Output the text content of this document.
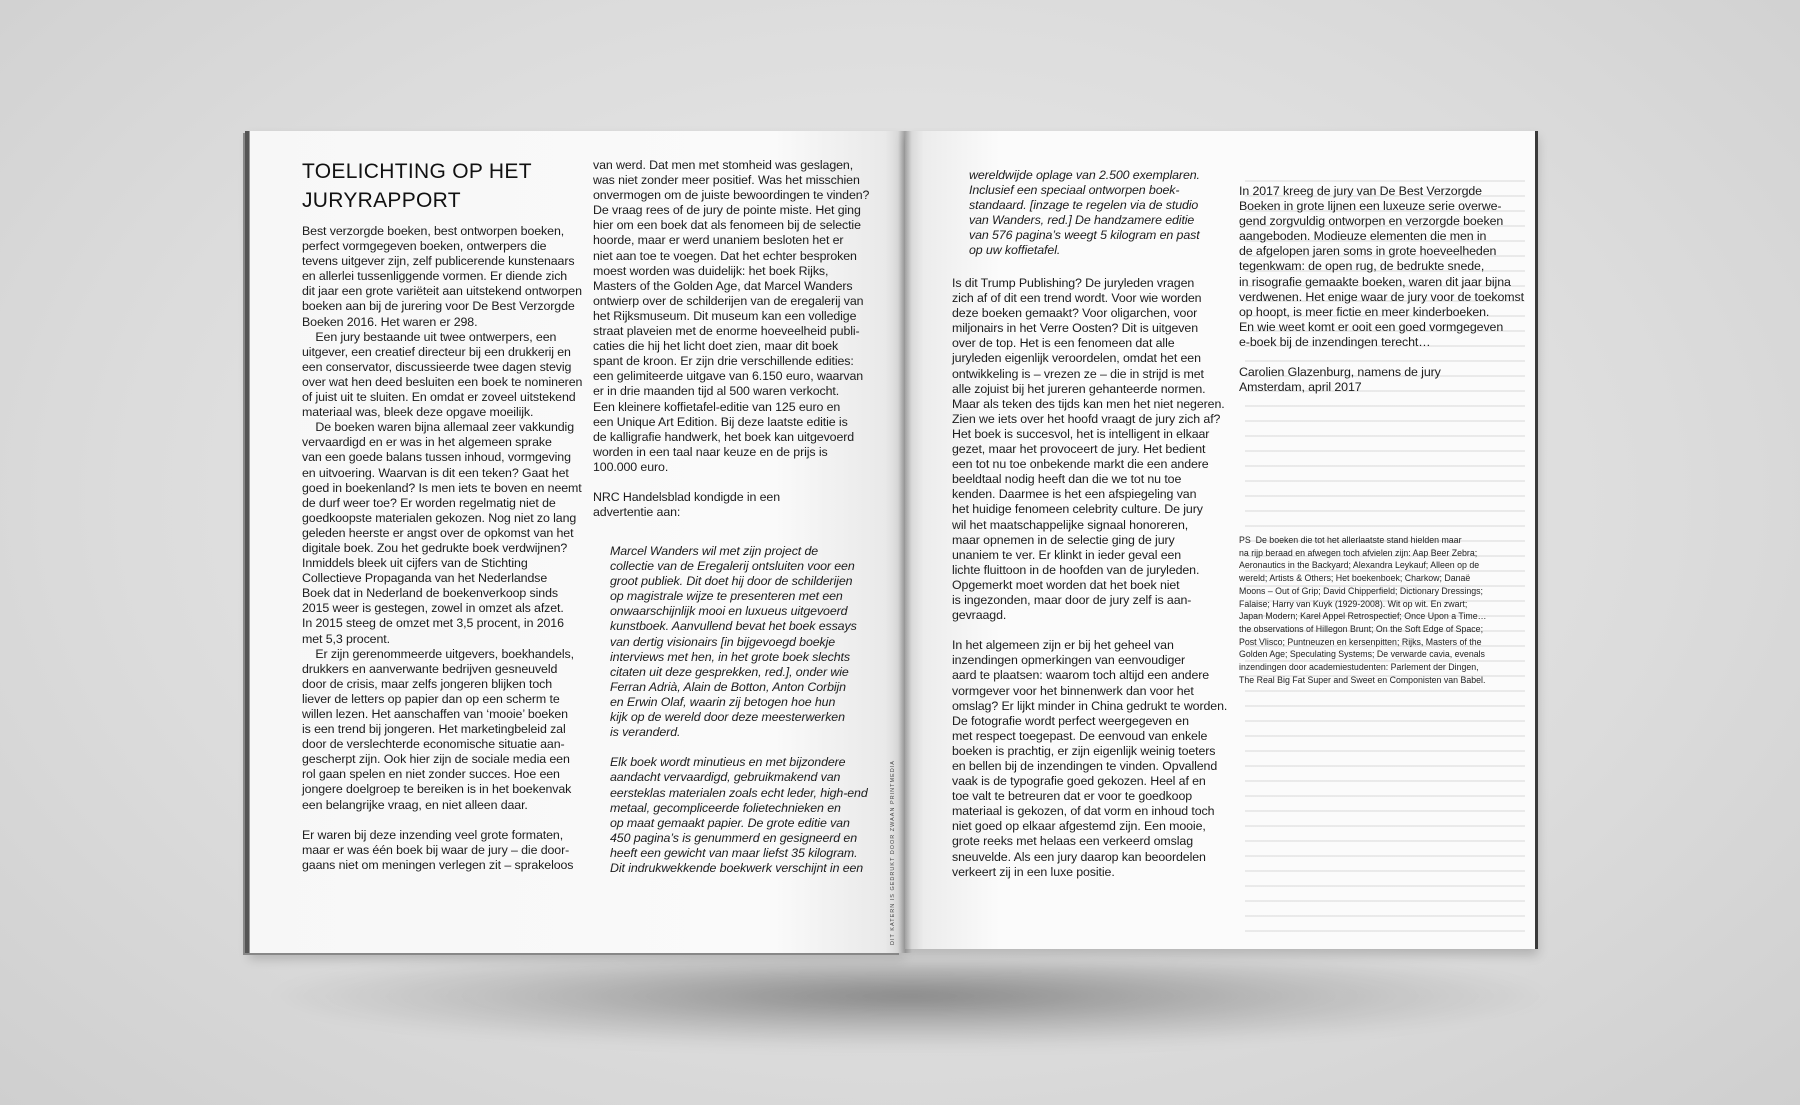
TOELICHTING OP HET
JURYRAPPORT
Best verzorgde boeken, best ontworpen boeken,
perfect vormgegeven boeken, ontwerpers die
tevens uitgever zijn, zelf publicerende kunstenaars
en allerlei tussenliggende vormen. Er diende zich
dit jaar een grote variëteit aan uitstekend ontworpen
boeken aan bij de jurering voor De Best Verzorgde
Boeken 2016. Het waren er 298.
Een jury bestaande uit twee ontwerpers, een
uitgever, een creatief directeur bij een drukkerij en
een conservator, discussieerde twee dagen stevig
over wat hen deed besluiten een boek te nomineren
of juist uit te sluiten. En omdat er zoveel uitstekend
materiaal was, bleek deze opgave moeilijk.
De boeken waren bijna allemaal zeer vakkundig
vervaardigd en er was in het algemeen sprake
van een goede balans tussen inhoud, vormgeving
en uitvoering. Waarvan is dit een teken? Gaat het
goed in boekenland? Is men iets te boven en neemt
de durf weer toe? Er worden regelmatig niet de
goedkoopste materialen gekozen. Nog niet zo lang
geleden heerste er angst over de opkomst van het
digitale boek. Zou het gedrukte boek verdwijnen?
Inmiddels bleek uit cijfers van de Stichting
Collectieve Propaganda van het Nederlandse
Boek dat in Nederland de boekenverkoop sinds
2015 weer is gestegen, zowel in omzet als afzet.
In 2015 steeg de omzet met 3,5 procent, in 2016
met 5,3 procent.
Er zijn gerenommeerde uitgevers, boekhandels,
drukkers en aanverwante bedrijven gesneuveld
door de crisis, maar zelfs jongeren blijken toch
liever de letters op papier dan op een scherm te
willen lezen. Het aanschaffen van ‘mooie’ boeken
is een trend bij jongeren. Het marketingbeleid zal
door de verslechterde economische situatie aan-
gescherpt zijn. Ook hier zijn de sociale media een
rol gaan spelen en niet zonder succes. Hoe een
jongere doelgroep te bereiken is in het boekenvak
een belangrijke vraag, en niet alleen daar.

Er waren bij deze inzending veel grote formaten,
maar er was één boek bij waar de jury – die door-
gaans niet om meningen verlegen zit – sprakeloos
van werd. Dat men met stomheid was geslagen,
was niet zonder meer positief. Was het misschien
onvermogen om de juiste bewoordingen te vinden?
De vraag rees of de jury de pointe miste. Het ging
hier om een boek dat als fenomeen bij de selectie
hoorde, maar er werd unaniem besloten het er
niet aan toe te voegen. Dat het echter besproken
moest worden was duidelijk: het boek Rijks,
Masters of the Golden Age, dat Marcel Wanders
ontwierp over de schilderijen van de eregalerij van
het Rijksmuseum. Dit museum kan een volledige
straat plaveien met de enorme hoeveelheid publi-
caties die hij het licht doet zien, maar dit boek
spant de kroon. Er zijn drie verschillende edities:
een gelimiteerde uitgave van 6.150 euro, waarvan
er in drie maanden tijd al 500 waren verkocht.
Een kleinere koffietafel-editie van 125 euro en
een Unique Art Edition. Bij deze laatste editie is
de kalligrafie handwerk, het boek kan uitgevoerd
worden in een taal naar keuze en de prijs is
100.000 euro.

NRC Handelsblad kondigde in een
advertentie aan:
Marcel Wanders wil met zijn project de
collectie van de Eregalerij ontsluiten voor een
groot publiek. Dit doet hij door de schilderijen
op magistrale wijze te presenteren met een
onwaarschijnlijk mooi en luxueus uitgevoerd
kunstboek. Aanvullend bevat het boek essays
van dertig visionairs [in bijgevoegd boekje
interviews met hen, in het grote boek slechts
citaten uit deze gesprekken, red.], onder wie
Ferran Adrià, Alain de Botton, Anton Corbijn
en Erwin Olaf, waarin zij betogen hoe hun
kijk op de wereld door deze meesterwerken
is veranderd.

Elk boek wordt minutieus en met bijzondere
aandacht vervaardigd, gebruikmakend van
eersteklas materialen zoals echt leder, high-end
metaal, gecompliceerde folietechnieken en
op maat gemaakt papier. De grote editie van
450 pagina’s is genummerd en gesigneerd en
heeft een gewicht van maar liefst 35 kilogram.
Dit indrukwekkende boekwerk verschijnt in een
wereldwijde oplage van 2.500 exemplaren.
Inclusief een speciaal ontworpen boek-
standaard. [inzage te regelen via de studio
van Wanders, red.] De handzamere editie
van 576 pagina’s weegt 5 kilogram en past
op uw koffietafel.
Is dit Trump Publishing? De juryleden vragen
zich af of dit een trend wordt. Voor wie worden
deze boeken gemaakt? Voor oligarchen, voor
miljonairs in het Verre Oosten? Dit is uitgeven
over de top. Het is een fenomeen dat alle
juryleden eigenlijk veroordelen, omdat het een
ontwikkeling is – vrezen ze – die in strijd is met
alle zojuist bij het jureren gehanteerde normen.
Maar als teken des tijds kan men het niet negeren.
Zien we iets over het hoofd vraagt de jury zich af?
Het boek is succesvol, het is intelligent in elkaar
gezet, maar het provoceert de jury. Het bedient
een tot nu toe onbekende markt die een andere
beeldtaal nodig heeft dan die we tot nu toe
kenden. Daarmee is het een afspiegeling van
het huidige fenomeen celebrity culture. De jury
wil het maatschappelijke signaal honoreren,
maar opnemen in de selectie ging de jury
unaniem te ver. Er klinkt in ieder geval een
lichte fluittoon in de hoofden van de juryleden.
Opgemerkt moet worden dat het boek niet
is ingezonden, maar door de jury zelf is aan-
gevraagd.

In het algemeen zijn er bij het geheel van
inzendingen opmerkingen van eenvoudiger
aard te plaatsen: waarom toch altijd een andere
vormgever voor het binnenwerk dan voor het
omslag? Er lijkt minder in China gedrukt te worden.
De fotografie wordt perfect weergegeven en
met respect toegepast. De eenvoud van enkele
boeken is prachtig, er zijn eigenlijk weinig toeters
en bellen bij de inzendingen te vinden. Opvallend
vaak is de typografie goed gekozen. Heel af en
toe valt te betreuren dat er voor te goedkoop
materiaal is gekozen, of dat vorm en inhoud toch
niet goed op elkaar afgestemd zijn. Een mooie,
grote reeks met helaas een verkeerd omslag
sneuvelde. Als een jury daarop kan beoordelen
verkeert zij in een luxe positie.
In 2017 kreeg de jury van De Best Verzorgde
Boeken in grote lijnen een luxeuze serie overwe-
gend zorgvuldig ontworpen en verzorgde boeken
aangeboden. Modieuze elementen die men in
de afgelopen jaren soms in grote hoeveelheden
tegenkwam: de open rug, de bedrukte snede,
in risografie gemaakte boeken, waren dit jaar bijna
verdwenen. Het enige waar de jury voor de toekomst
op hoopt, is meer fictie en meer kinderboeken.
En wie weet komt er ooit een goed vormgegeven
e-boek bij de inzendingen terecht…

Carolien Glazenburg, namens de jury
Amsterdam, april 2017
PS  De boeken die tot het allerlaatste stand hielden maar
na rijp beraad en afwegen toch afvielen zijn: Aap Beer Zebra;
Aeronautics in the Backyard; Alexandra Leykauf; Alleen op de
wereld; Artists & Others; Het boekenboek; Charkow; Danaë
Moons – Out of Grip; David Chipperfield; Dictionary Dressings;
Falaise; Harry van Kuyk (1929-2008). Wit op wit. En zwart;
Japan Modern; Karel Appel Retrospectief; Once Upon a Time…
the observations of Hillegon Brunt; On the Soft Edge of Space;
Post Vlisco; Puntneuzen en kersenpitten; Rijks, Masters of the
Golden Age; Speculating Systems; De verwarde cavia, evenals
inzendingen door academiestudenten: Parlement der Dingen,
The Real Big Fat Super and Sweet en Componisten van Babel.
DIT KATERN IS GEDRUKT DOOR ZWAAN PRINTMEDIA
